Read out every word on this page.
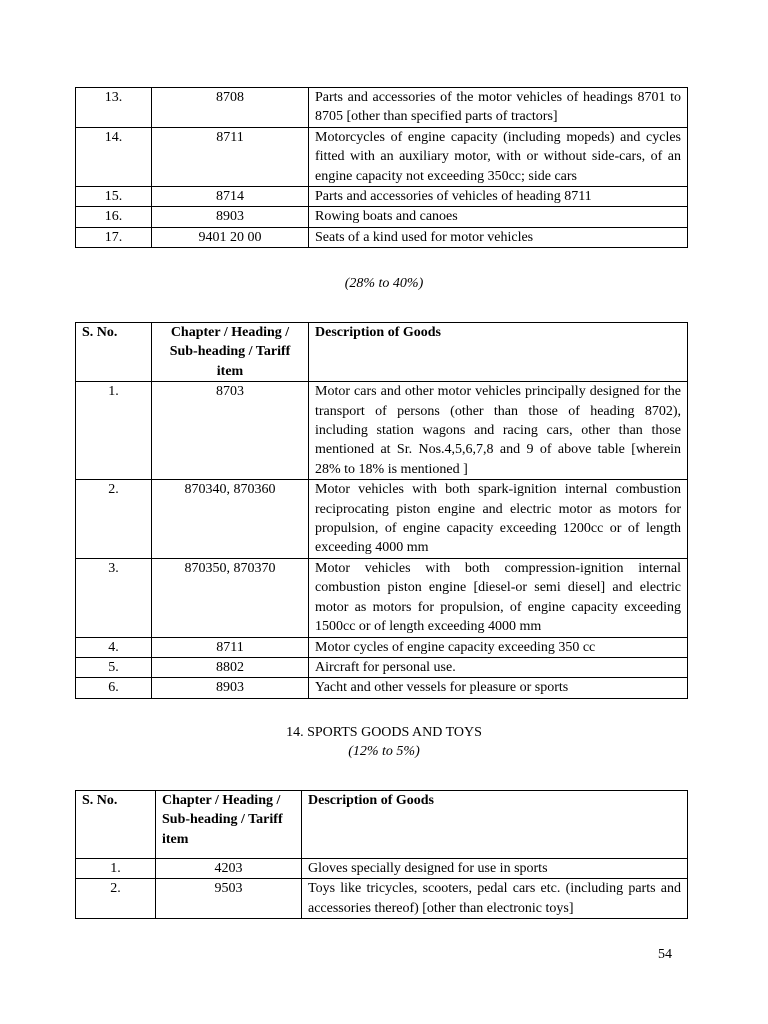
13.	8708	Parts and accessories of the motor vehicles of headings 8701 to 8705 [other than specified parts of tractors]
14.	8711	Motorcycles of engine capacity (including mopeds) and cycles fitted with an auxiliary motor, with or without side-cars, of an engine capacity not exceeding 350cc; side cars
15.	8714	Parts and accessories of vehicles of heading 8711
16.	8903	Rowing boats and canoes
17.	9401 20 00	Seats of a kind used for motor vehicles
(28% to 40%)
S. No.	Chapter / Heading / Sub-heading / Tariff item	Description of Goods
1.	8703	Motor cars and other motor vehicles principally designed for the transport of persons (other than those of heading 8702), including station wagons and racing cars, other than those mentioned at Sr. Nos.4,5,6,7,8 and 9 of above table [wherein 28% to 18% is mentioned ]
2.	870340, 870360	Motor vehicles with both spark-ignition internal combustion reciprocating piston engine and electric motor as motors for propulsion, of engine capacity exceeding 1200cc or of length exceeding 4000 mm
3.	870350, 870370	Motor vehicles with both compression-ignition internal combustion piston engine [diesel-or semi diesel] and electric motor as motors for propulsion, of engine capacity exceeding 1500cc or of length exceeding 4000 mm
4.	8711	Motor cycles of engine capacity exceeding 350 cc
5.	8802	Aircraft for personal use.
6.	8903	Yacht and other vessels for pleasure or sports
14. SPORTS GOODS AND TOYS
(12% to 5%)
S. No.	Chapter / Heading / Sub-heading / Tariff item	Description of Goods
1.	4203	Gloves specially designed for use in sports
2.	9503	Toys like tricycles, scooters, pedal cars etc. (including parts and accessories thereof) [other than electronic toys]
54
